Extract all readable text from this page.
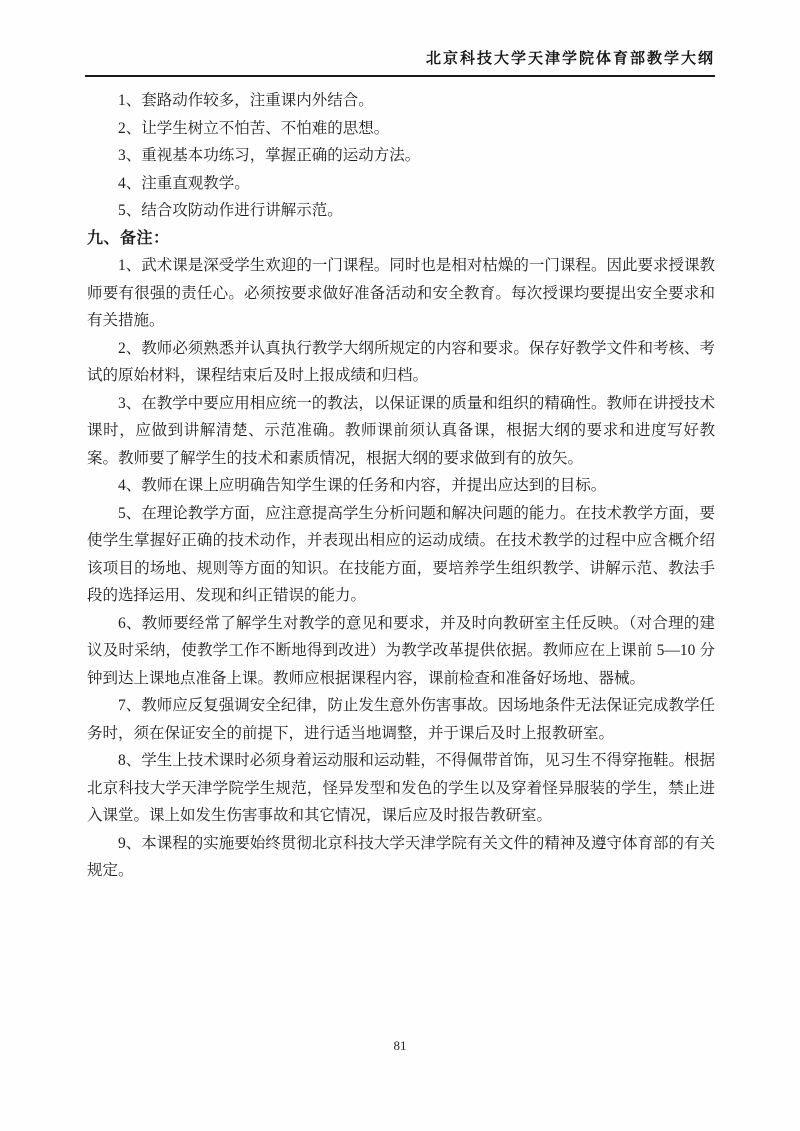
北京科技大学天津学院体育部教学大纲
1、套路动作较多，注重课内外结合。
2、让学生树立不怕苦、不怕难的思想。
3、重视基本功练习，掌握正确的运动方法。
4、注重直观教学。
5、结合攻防动作进行讲解示范。
九、备注：

1、武术课是深受学生欢迎的一门课程。同时也是相对枯燥的一门课程。因此要求授课教师要有很强的责任心。必须按要求做好准备活动和安全教育。每次授课均要提出安全要求和有关措施。

2、教师必须熟悉并认真执行教学大纲所规定的内容和要求。保存好教学文件和考核、考试的原始材料，课程结束后及时上报成绩和归档。

3、在教学中要应用相应统一的教法，以保证课的质量和组织的精确性。教师在讲授技术课时，应做到讲解清楚、示范准确。教师课前须认真备课，根据大纲的要求和进度写好教案。教师要了解学生的技术和素质情况，根据大纲的要求做到有的放矢。

4、教师在课上应明确告知学生课的任务和内容，并提出应达到的目标。

5、在理论教学方面，应注意提高学生分析问题和解决问题的能力。在技术教学方面，要使学生掌握好正确的技术动作，并表现出相应的运动成绩。在技术教学的过程中应含概介绍该项目的场地、规则等方面的知识。在技能方面，要培养学生组织教学、讲解示范、教法手段的选择运用、发现和纠正错误的能力。

6、教师要经常了解学生对教学的意见和要求，并及时向教研室主任反映。（对合理的建议及时采纳，使教学工作不断地得到改进）为教学改革提供依据。教师应在上课前 5—10 分钟到达上课地点准备上课。教师应根据课程内容，课前检查和准备好场地、器械。

7、教师应反复强调安全纪律，防止发生意外伤害事故。因场地条件无法保证完成教学任务时，须在保证安全的前提下，进行适当地调整，并于课后及时上报教研室。

8、学生上技术课时必须身着运动服和运动鞋，不得佩带首饰，见习生不得穿拖鞋。根据北京科技大学天津学院学生规范，怪异发型和发色的学生以及穿着怪异服装的学生，禁止进入课堂。课上如发生伤害事故和其它情况，课后应及时报告教研室。

9、本课程的实施要始终贯彻北京科技大学天津学院有关文件的精神及遵守体育部的有关规定。

81
